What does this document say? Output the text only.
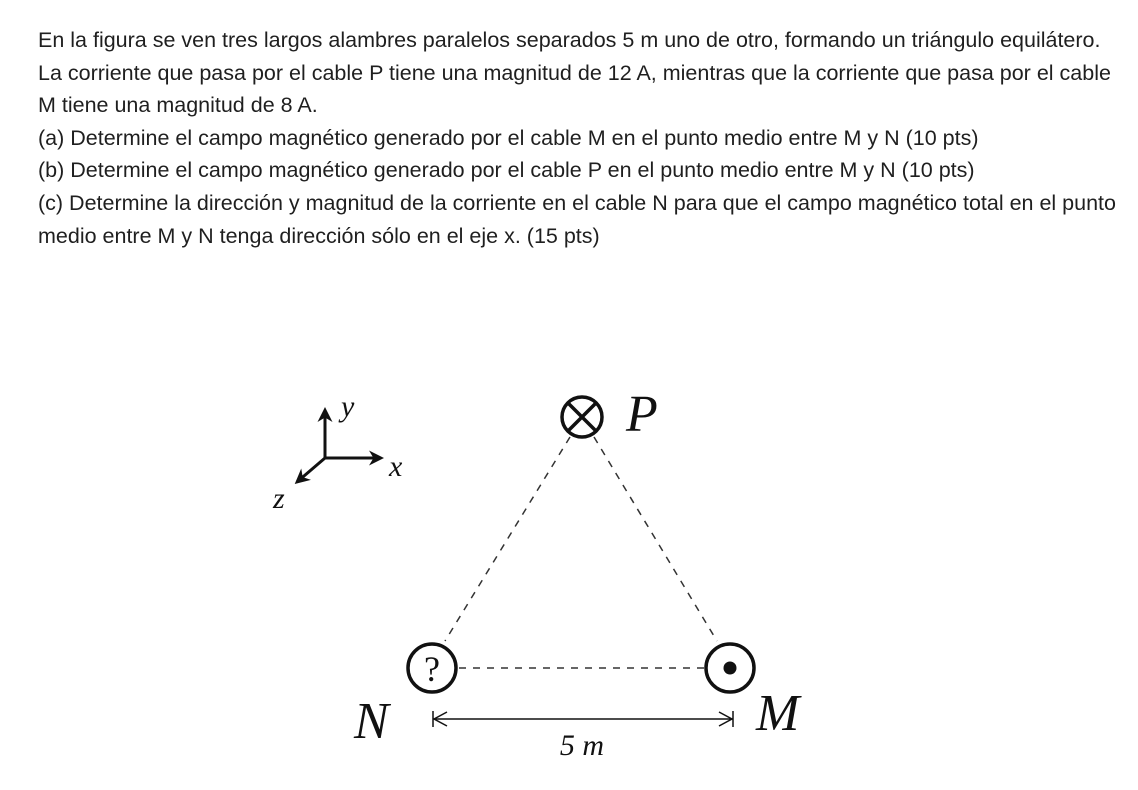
En la figura se ven tres largos alambres paralelos separados 5 m uno de otro, formando un triángulo equilátero. La corriente que pasa por el cable P tiene una magnitud de 12 A, mientras que la corriente que pasa por el cable M tiene una magnitud de 8 A.

(a) Determine el campo magnético generado por el cable M en el punto medio entre M y N (10 pts)

(b) Determine el campo magnético generado por el cable P en el punto medio entre M y N (10 pts)

(c) Determine la dirección y magnitud de la corriente en el cable N para que el campo magnético total en el punto medio entre M y N tenga dirección sólo en el eje x. (15 pts)

y
x
z
P
?
N	M
5 m
